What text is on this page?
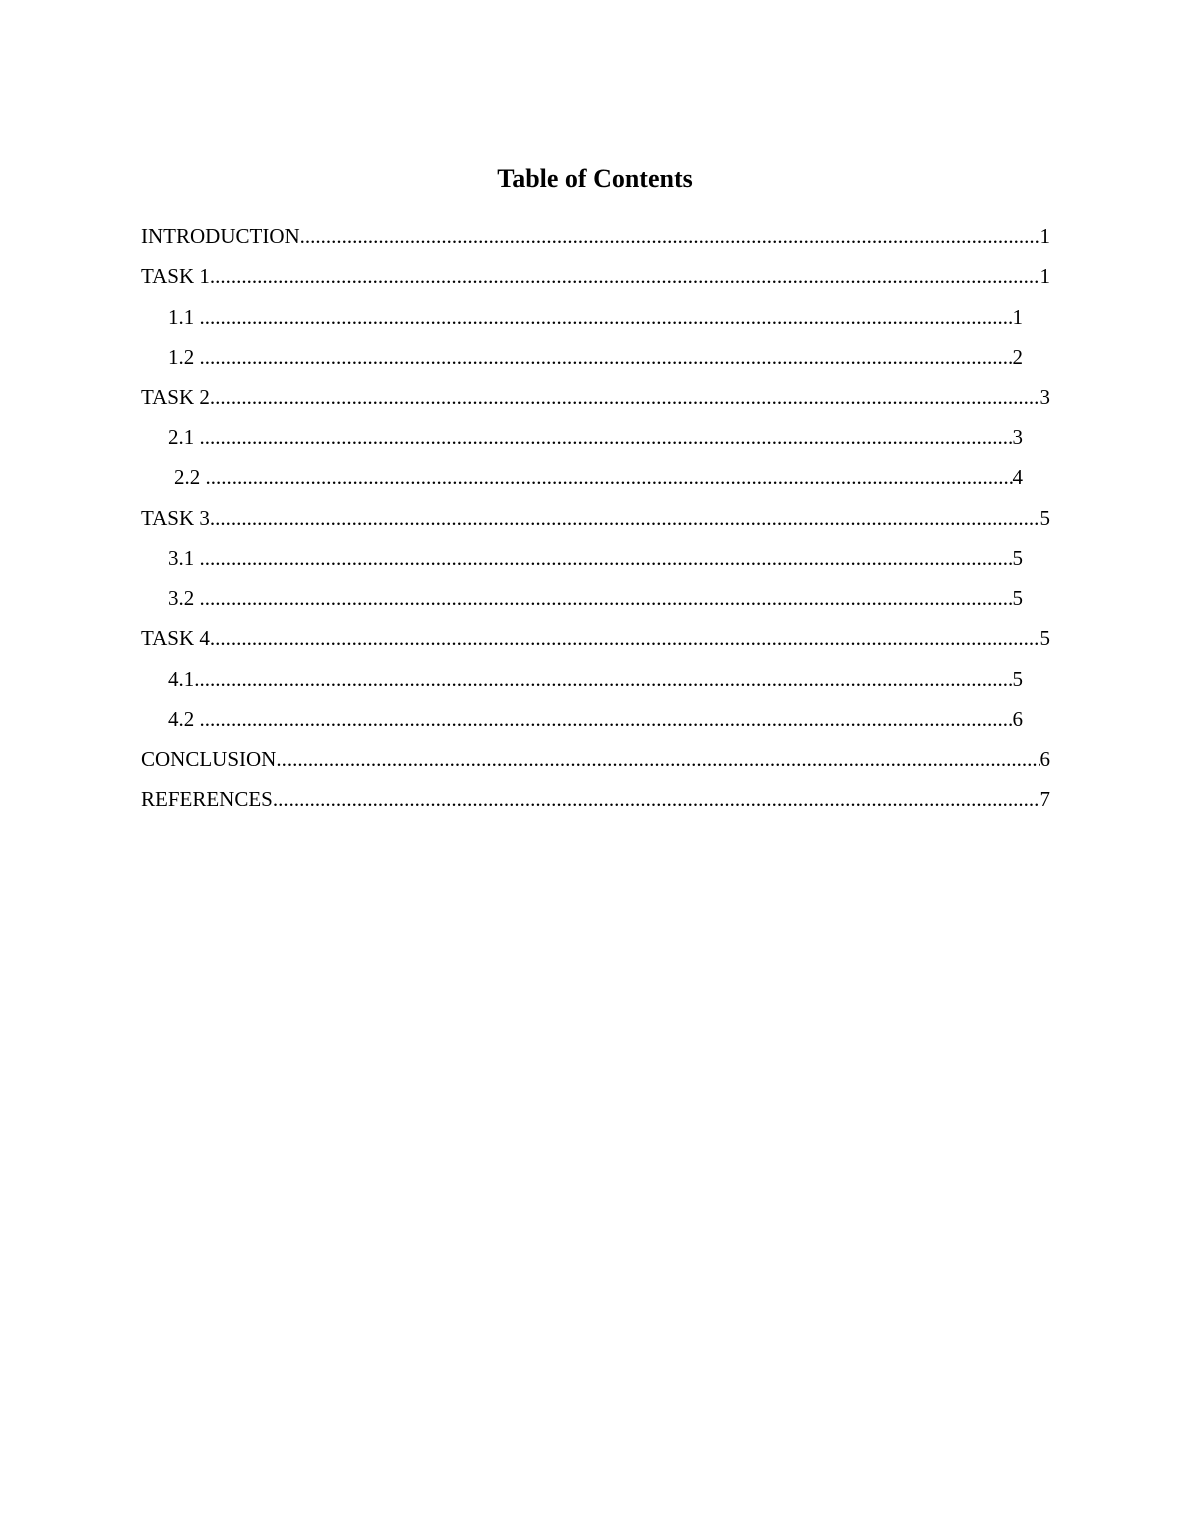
Table of Contents
INTRODUCTION .....	1
TASK 1 .....	1
1.1 .....	1
1.2 .....	2
TASK 2 .....	3
2.1 .....	3
2.2 .....	4
TASK 3 .....	5
3.1 .....	5
3.2 .....	5
TASK 4 .....	5
4.1 .....	5
4.2 .....	6
CONCLUSION .....	6
REFERENCES .....	7
